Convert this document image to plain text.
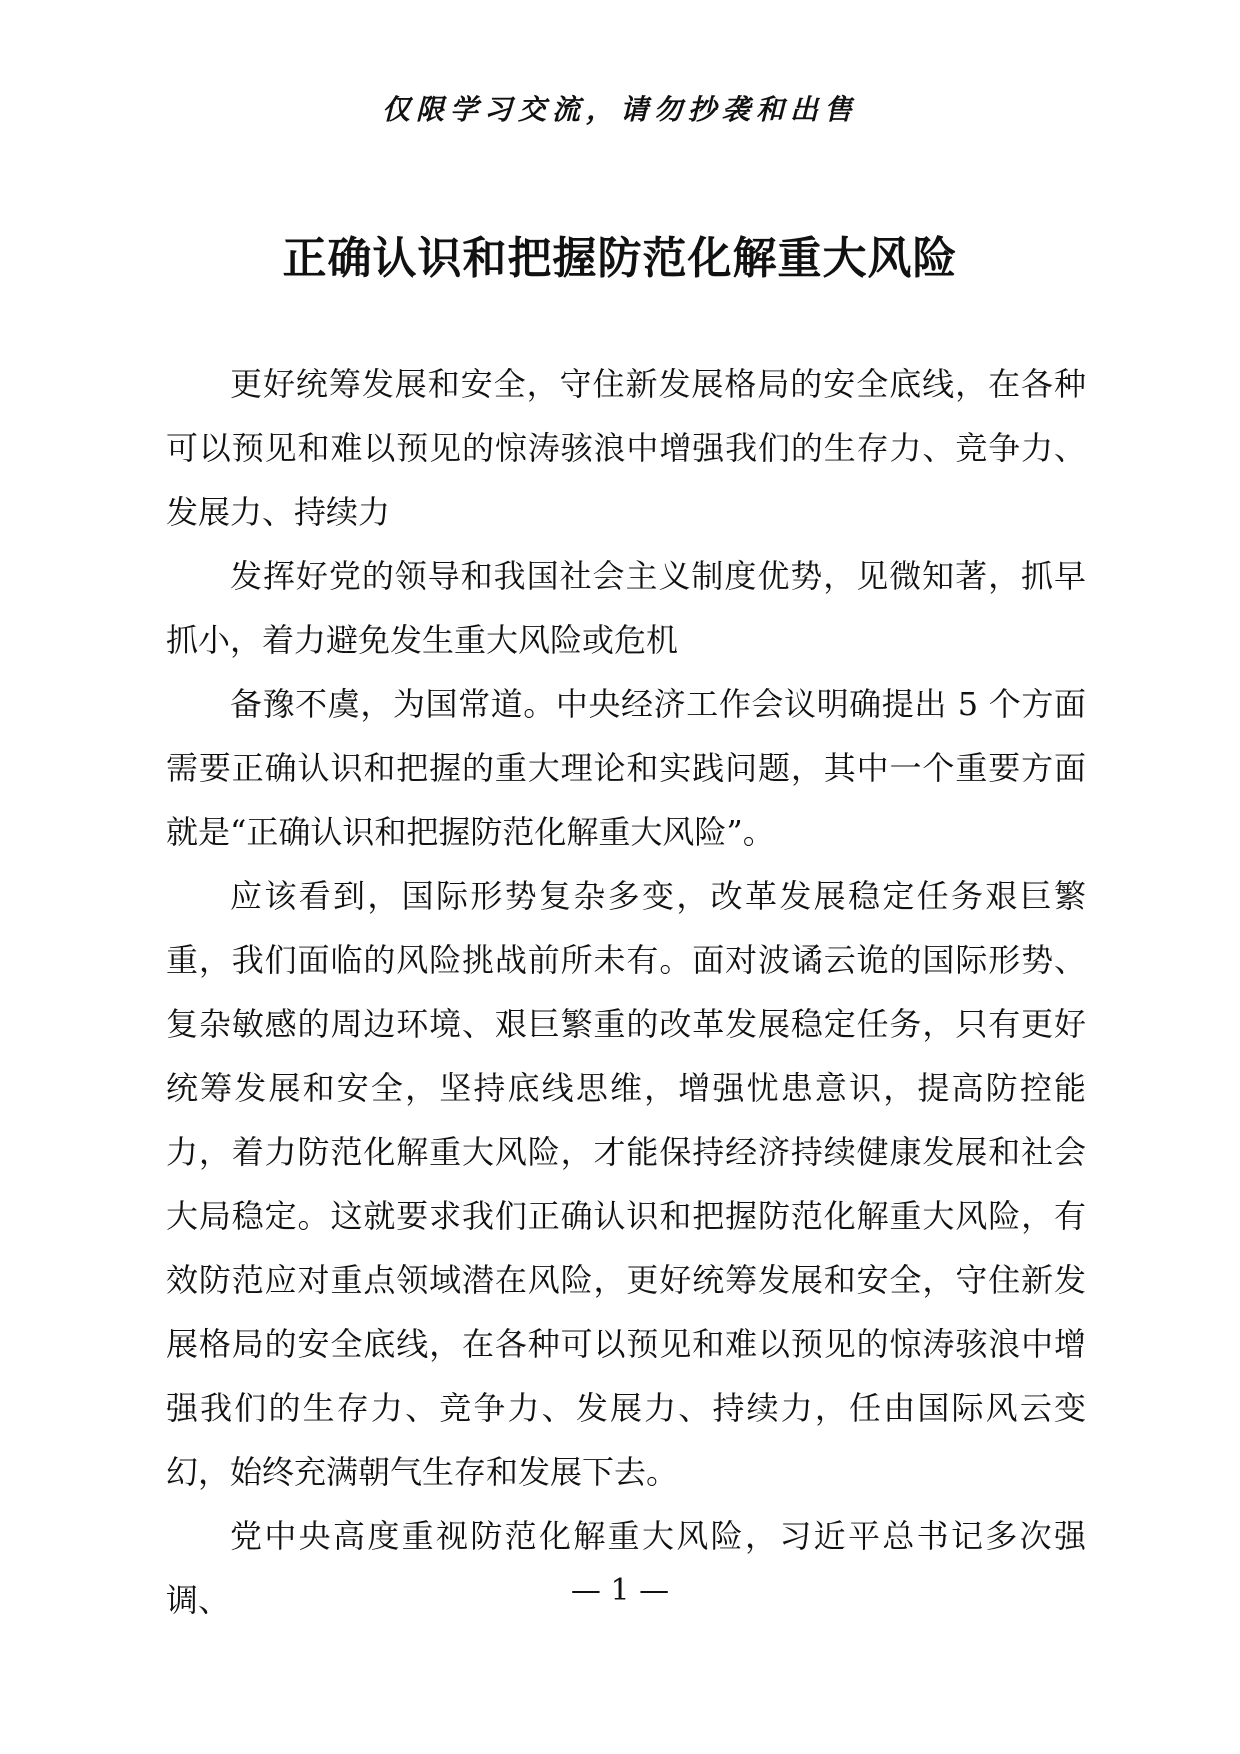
仅限学习交流，请勿抄袭和出售
正确认识和把握防范化解重大风险

更好统筹发展和安全，守住新发展格局的安全底线，在各种可以预见和难以预见的惊涛骇浪中增强我们的生存力、竞争力、发展力、持续力

发挥好党的领导和我国社会主义制度优势，见微知著，抓早抓小，着力避免发生重大风险或危机

备豫不虞，为国常道。中央经济工作会议明确提出 5 个方面需要正确认识和把握的重大理论和实践问题，其中一个重要方面就是“正确认识和把握防范化解重大风险”。

应该看到，国际形势复杂多变，改革发展稳定任务艰巨繁重，我们面临的风险挑战前所未有。面对波谲云诡的国际形势、复杂敏感的周边环境、艰巨繁重的改革发展稳定任务，只有更好统筹发展和安全，坚持底线思维，增强忧患意识，提高防控能力，着力防范化解重大风险，才能保持经济持续健康发展和社会大局稳定。这就要求我们正确认识和把握防范化解重大风险，有效防范应对重点领域潜在风险，更好统筹发展和安全，守住新发展格局的安全底线，在各种可以预见和难以预见的惊涛骇浪中增强我们的生存力、竞争力、发展力、持续力，任由国际风云变幻，始终充满朝气生存和发展下去。

党中央高度重视防范化解重大风险，习近平总书记多次强调、	— 1 —
